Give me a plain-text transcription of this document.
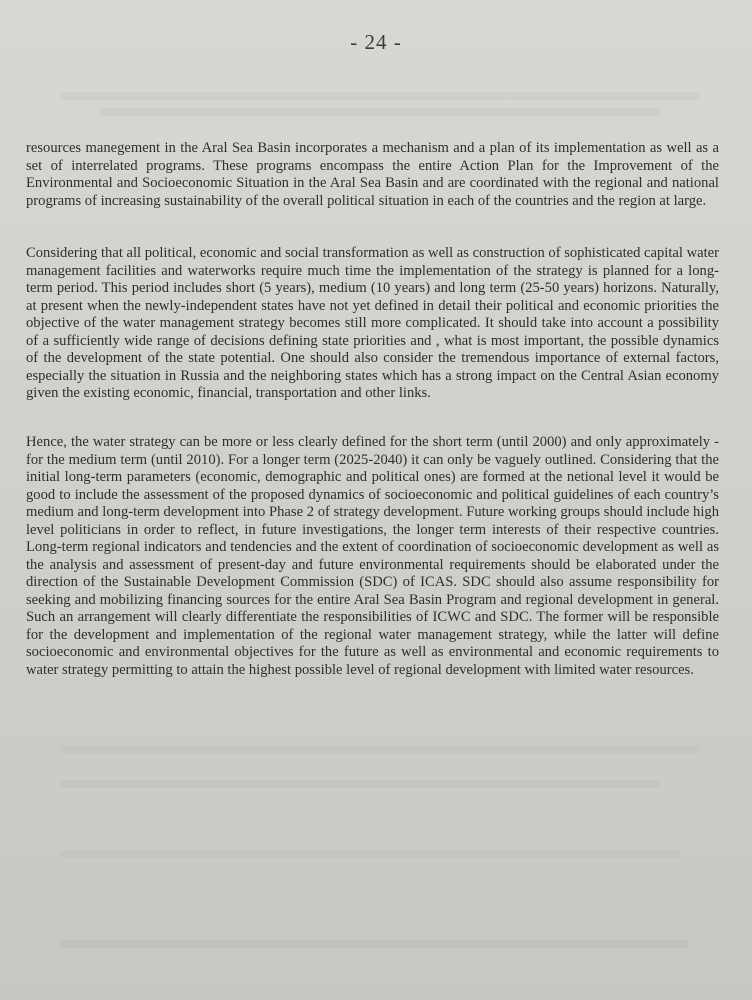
- 24 -

resources manegement in the Aral Sea Basin incorporates a mechanism and a plan of its implementation as well as a set of interrelated programs. These programs encompass the entire Action Plan for the Improvement of the Environmental and Socioeconomic Situation in the Aral Sea Basin and are coordinated with the regional and national programs of increasing sustainability of the overall political situation in each of the countries and the region at large.

Considering that all political, economic and social transformation as well as construction of sophisticated capital water management facilities and waterworks require much time the implementation of the strategy is planned for a long-term period. This period includes short (5 years), medium (10 years) and long term (25-50 years) horizons. Naturally, at present when the newly-independent states have not yet defined in detail their political and economic priorities the objective of the water management strategy becomes still more complicated. It should take into account a possibility of a sufficiently wide range of decisions defining state priorities and , what is most important, the possible dynamics of the development of the state potential. One should also consider the tremendous importance of external factors, especially the situation in Russia and the neighboring states which has a strong impact on the Central Asian economy given the existing economic, financial, transportation and other links.

Hence, the water strategy can be more or less clearly defined for the short term (until 2000) and only approximately - for the medium term (until 2010). For a longer term (2025-2040) it can only be vaguely outlined. Considering that the initial long-term parameters (economic, demographic and political ones) are formed at the netional level it would be good to include the assessment of the proposed dynamics of socioeconomic and political guidelines of each country’s medium and long-term development into Phase 2 of strategy development. Future working groups should include high level politicians in order to reflect, in future investigations, the longer term interests of their respective countries. Long-term regional indicators and tendencies and the extent of coordination of socioeconomic development as well as the analysis and assessment of present-day and future environmental requirements should be elaborated under the direction of the Sustainable Development Commission (SDC) of ICAS. SDC should also assume responsibility for seeking and mobilizing financing sources for the entire Aral Sea Basin Program and regional development in general. Such an arrangement will clearly differentiate the responsibilities of ICWC and SDC. The former will be responsible for the development and implementation of the regional water management strategy, while the latter will define socioeconomic and environmental objectives for the future as well as environmental and economic requirements to water strategy permitting to attain the highest possible level of regional development with limited water resources.
